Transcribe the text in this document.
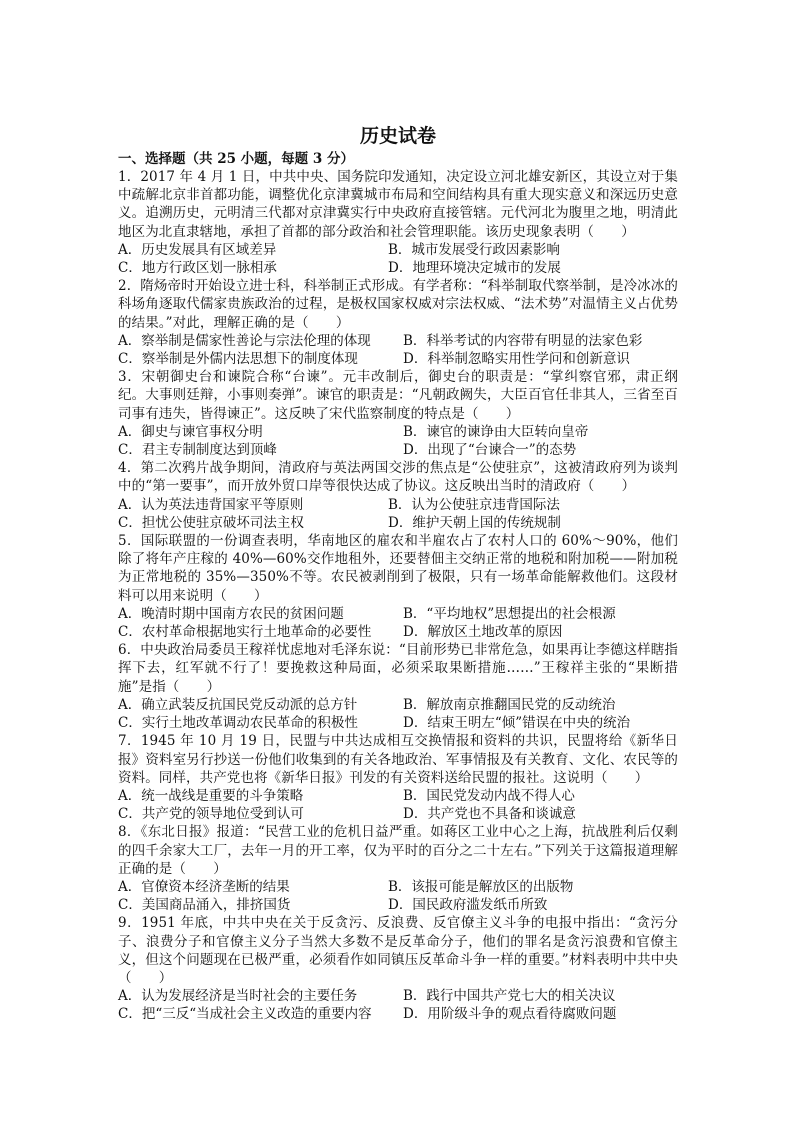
历史试卷
一、选择题（共 25 小题，每题 3 分）
1．2017 年 4 月 1 日，中共中央、国务院印发通知，决定设立河北雄安新区，其设立对于集中疏解北京非首都功能，调整优化京津冀城市布局和空间结构具有重大现实意义和深远历史意义。追溯历史，元明清三代都对京津冀实行中央政府直接管辖。元代河北为腹里之地，明清此地区为北直隶辖地，承担了首都的部分政治和社会管理职能。该历史现象表明（　　）
A．历史发展具有区域差异	B．城市发展受行政因素影响
C．地方行政区划一脉相承	D．地理环境决定城市的发展
2．隋炀帝时开始设立进士科，科举制正式形成。有学者称：“科举制取代察举制，是冷冰冰的科场角逐取代儒家贵族政治的过程，是极权国家权威对宗法权威、“法术势”对温情主义占优势的结果。”对此，理解正确的是（　　）
A．察举制是儒家性善论与宗法伦理的体现	B．科举考试的内容带有明显的法家色彩
C．察举制是外儒内法思想下的制度体现	D．科举制忽略实用性学问和创新意识
3．宋朝御史台和谏院合称“台谏”。元丰改制后，御史台的职责是：“掌纠察官邪，肃正纲纪。大事则廷辩，小事则奏弹”。谏官的职责是：“凡朝政阙失，大臣百官任非其人，三省至百司事有违失，皆得谏正”。这反映了宋代监察制度的特点是（　　）
A．御史与谏官事权分明	B．谏官的谏诤由大臣转向皇帝
C．君主专制制度达到顶峰	D．出现了“台谏合一”的态势
4．第二次鸦片战争期间，清政府与英法两国交涉的焦点是“公使驻京”，这被清政府列为谈判中的“第一要事”，而开放外贸口岸等很快达成了协议。这反映出当时的清政府（　　）
A．认为英法违背国家平等原则	B．认为公使驻京违背国际法
C．担忧公使驻京破坏司法主权	D．维护天朝上国的传统规制
5．国际联盟的一份调查表明，华南地区的雇农和半雇农占了农村人口的 60%～90%，他们除了将年产庄稼的 40%—60%交作地租外，还要替佃主交纳正常的地税和附加税——附加税为正常地税的 35%—350%不等。农民被剥削到了极限，只有一场革命能解救他们。这段材料可以用来说明（　　）
A．晚清时期中国南方农民的贫困问题	B．“平均地权”思想提出的社会根源
C．农村革命根据地实行土地革命的必要性	D．解放区土地改革的原因
6．中央政治局委员王稼祥忧虑地对毛泽东说：“目前形势已非常危急，如果再让李德这样瞎指挥下去，红军就不行了！要挽救这种局面，必须采取果断措施……”王稼祥主张的“果断措施”是指（　　）
A．确立武装反抗国民党反动派的总方针	B．解放南京推翻国民党的反动统治
C．实行土地改革调动农民革命的积极性	D．结束王明左“倾”错误在中央的统治
7．1945 年 10 月 19 日，民盟与中共达成相互交换情报和资料的共识，民盟将给《新华日报》资料室另行抄送一份他们收集到的有关各地政治、军事情报及有关教育、文化、农民等的资料。同样，共产党也将《新华日报》刊发的有关资料送给民盟的报社。这说明（　　）
A．统一战线是重要的斗争策略	B．国民党发动内战不得人心
C．共产党的领导地位受到认可	D．共产党也不具备和谈诚意
8．《东北日报》报道：“民营工业的危机日益严重。如蒋区工业中心之上海，抗战胜利后仅剩的四千余家大工厂，去年一月的开工率，仅为平时的百分之二十左右。”下列关于这篇报道理解正确的是（　　）
A．官僚资本经济垄断的结果	B．该报可能是解放区的出版物
C．美国商品涌入，排挤国货	D．国民政府滥发纸币所致
9．1951 年底，中共中央在关于反贪污、反浪费、反官僚主义斗争的电报中指出：“贪污分子、浪费分子和官僚主义分子当然大多数不是反革命分子，他们的罪名是贪污浪费和官僚主义，但这个问题现在已极严重，必须看作如同镇压反革命斗争一样的重要。”材料表明中共中央（　　）
A．认为发展经济是当时社会的主要任务	B．践行中国共产党七大的相关决议
C．把“三反“当成社会主义改造的重要内容	D．用阶级斗争的观点看待腐败问题
